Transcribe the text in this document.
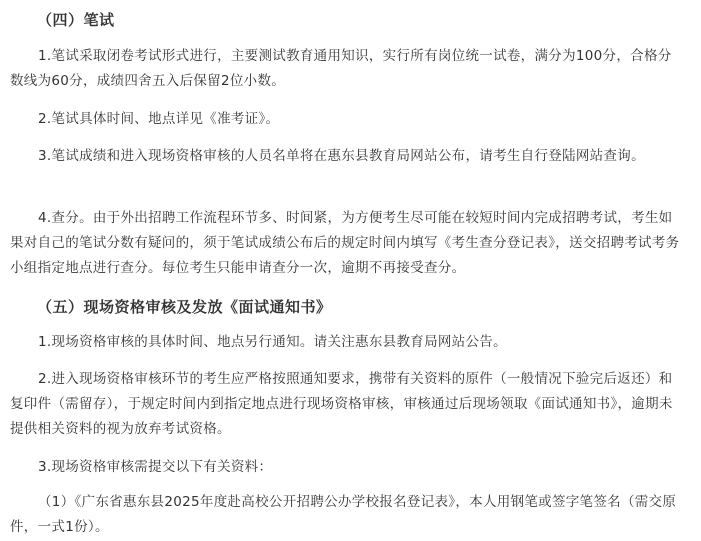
（四）笔试
1.笔试采取闭卷考试形式进行，主要测试教育通用知识，实行所有岗位统一试卷，满分为100分，合格分数线为60分，成绩四舍五入后保留2位小数。
2.笔试具体时间、地点详见《准考证》。
3.笔试成绩和进入现场资格审核的人员名单将在惠东县教育局网站公布，请考生自行登陆网站查询。
4.查分。由于外出招聘工作流程环节多、时间紧，为方便考生尽可能在较短时间内完成招聘考试，考生如果对自己的笔试分数有疑问的，须于笔试成绩公布后的规定时间内填写《考生查分登记表》，送交招聘考试考务小组指定地点进行查分。每位考生只能申请查分一次，逾期不再接受查分。
（五）现场资格审核及发放《面试通知书》
1.现场资格审核的具体时间、地点另行通知。请关注惠东县教育局网站公告。
2.进入现场资格审核环节的考生应严格按照通知要求，携带有关资料的原件（一般情况下验完后返还）和复印件（需留存），于规定时间内到指定地点进行现场资格审核，审核通过后现场领取《面试通知书》，逾期未提供相关资料的视为放弃考试资格。
3.现场资格审核需提交以下有关资料：
（1）《广东省惠东县2025年度赴高校公开招聘公办学校报名登记表》，本人用钢笔或签字笔签名（需交原件，一式1份）。
